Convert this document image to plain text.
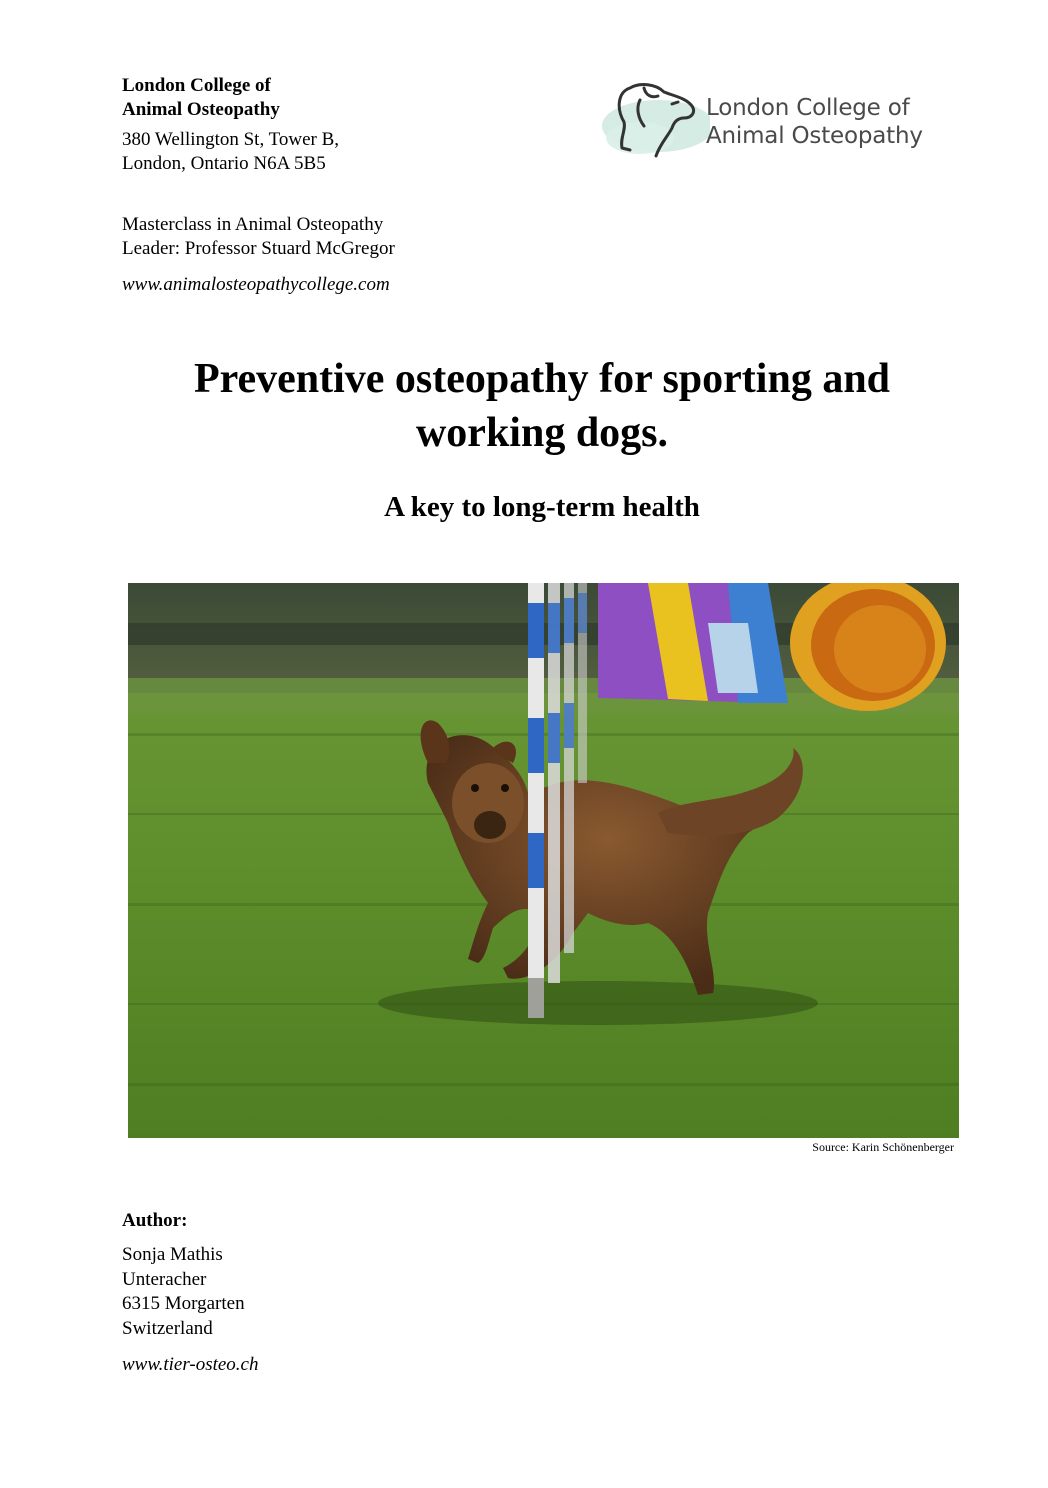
London College of
Animal Osteopathy
380 Wellington St, Tower B,
London, Ontario N6A 5B5
Masterclass in Animal Osteopathy
Leader: Professor Stuard McGregor
www.animalosteopathycollege.com
London College of
Animal Osteopathy
Preventive osteopathy for sporting and
working dogs.
A key to long-term health
Source: Karin Schönenberger
Author:
Sonja Mathis
Unteracher
6315 Morgarten
Switzerland
www.tier-osteo.ch
